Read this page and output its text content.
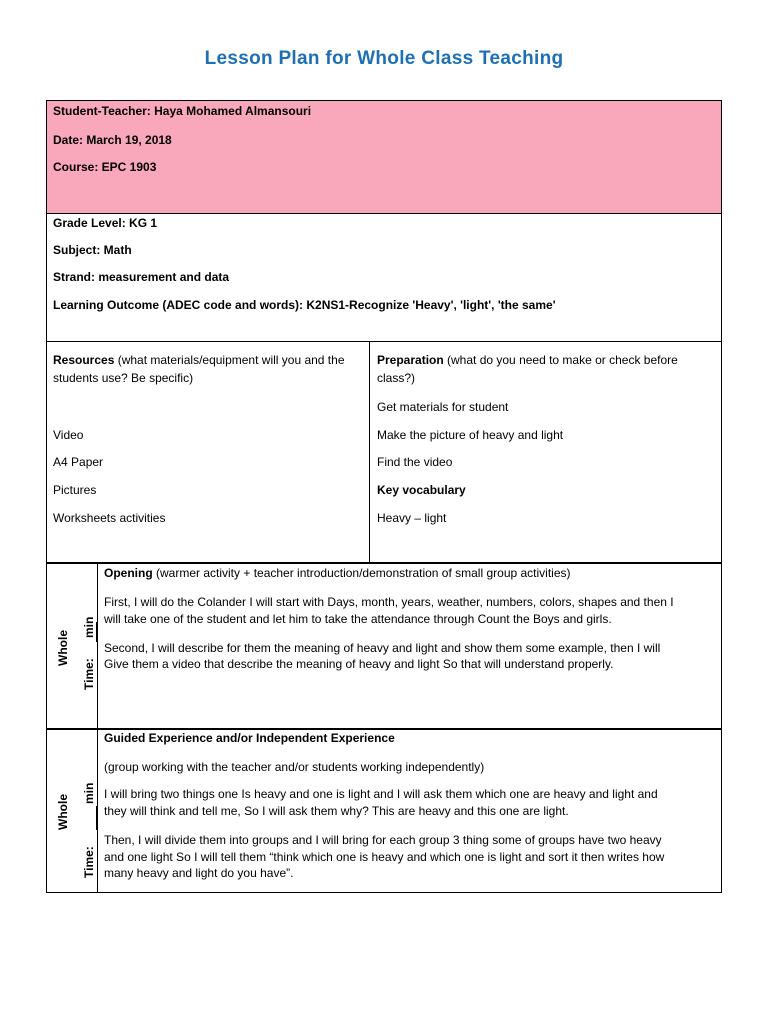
Lesson Plan for Whole Class Teaching
Student-Teacher: Haya Mohamed Almansouri
Date: March 19, 2018
Course: EPC 1903
Grade Level: KG 1
Subject: Math
Strand: measurement and data
Learning Outcome (ADEC code and words): K2NS1-Recognize 'Heavy', 'light', 'the same'
Resources (what materials/equipment will you and the
students use? Be specific)
Video
A4 Paper
Pictures
Worksheets activities
Preparation (what do you need to make or check before
class?)
Get materials for student
Make the picture of heavy and light
Find the video
Key vocabulary
Heavy – light
Whole
Time:
min
Opening (warmer activity + teacher introduction/demonstration of small group activities)
First, I will do the Colander I will start with Days, month, years, weather, numbers, colors, shapes and then I
will take one of the student and let him to take the attendance through Count the Boys and girls.
Second, I will describe for them the meaning of heavy and light and show them some example, then I will
Give them a video that describe the meaning of heavy and light So that will understand properly.
Whole
Time:
min
Guided Experience and/or Independent Experience
(group working with the teacher and/or students working independently)
I will bring two things one Is heavy and one is light and I will ask them which one are heavy and light and
they will think and tell me, So I will ask them why? This are heavy and this one are light.
Then, I will divide them into groups and I will bring for each group 3 thing some of groups have two heavy
and one light So I will tell them “think which one is heavy and which one is light and sort it then writes how
many heavy and light do you have”.
